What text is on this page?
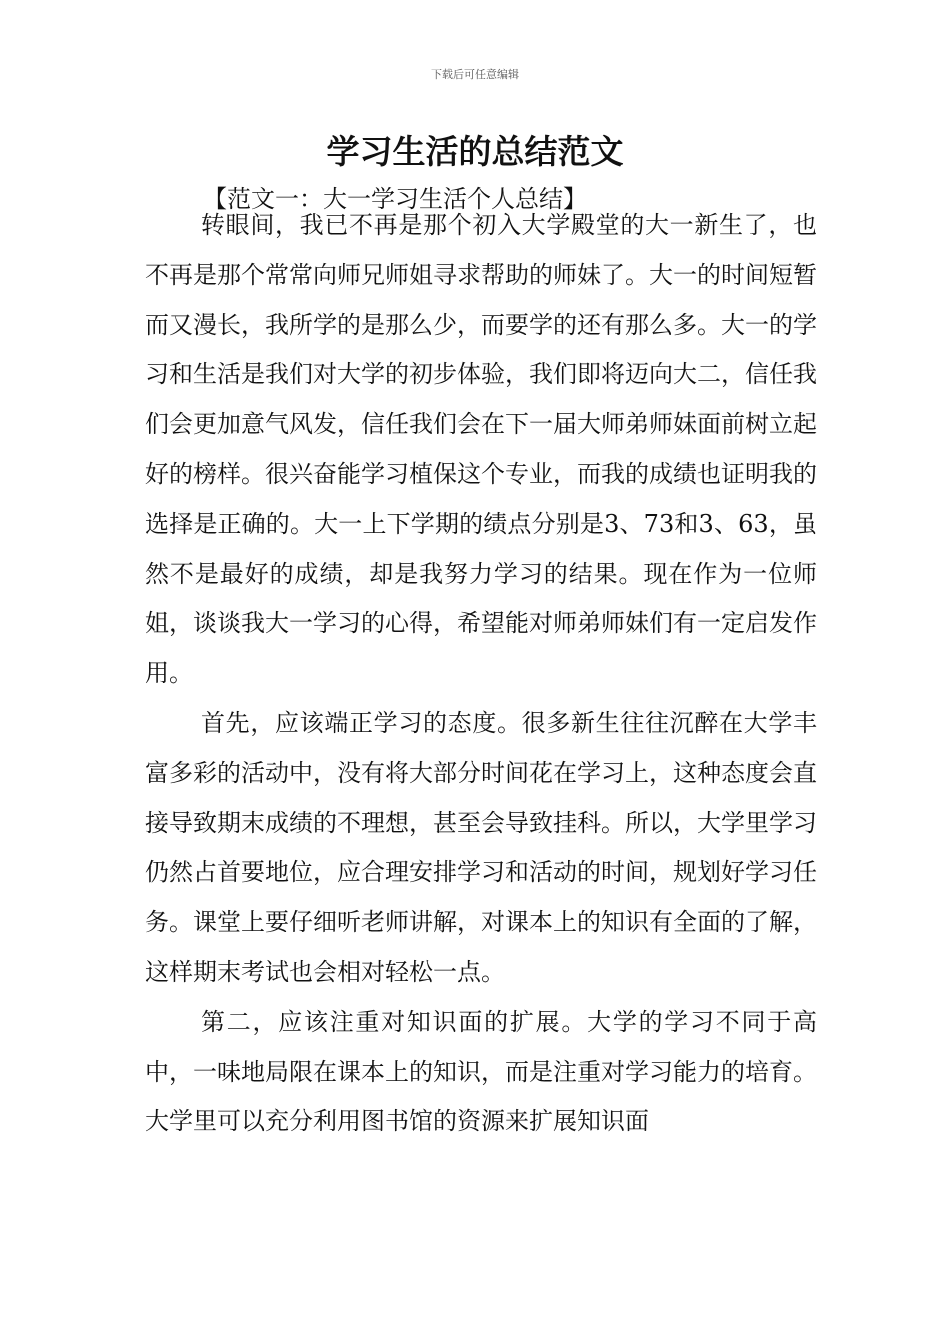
下载后可任意编辑
学习生活的总结范文
【范文一：大一学习生活个人总结】

转眼间，我已不再是那个初入大学殿堂的大一新生了，也不再是那个常常向师兄师姐寻求帮助的师妹了。大一的时间短暂而又漫长，我所学的是那么少，而要学的还有那么多。大一的学习和生活是我们对大学的初步体验，我们即将迈向大二，信任我们会更加意气风发，信任我们会在下一届大师弟师妹面前树立起好的榜样。很兴奋能学习植保这个专业，而我的成绩也证明我的选择是正确的。大一上下学期的绩点分别是3、73和3、63，虽然不是最好的成绩，却是我努力学习的结果。现在作为一位师姐，谈谈我大一学习的心得，希望能对师弟师妹们有一定启发作用。

首先，应该端正学习的态度。很多新生往往沉醉在大学丰富多彩的活动中，没有将大部分时间花在学习上，这种态度会直接导致期末成绩的不理想，甚至会导致挂科。所以，大学里学习仍然占首要地位，应合理安排学习和活动的时间，规划好学习任务。课堂上要仔细听老师讲解，对课本上的知识有全面的了解，这样期末考试也会相对轻松一点。

第二，应该注重对知识面的扩展。大学的学习不同于高中，一味地局限在课本上的知识，而是注重对学习能力的培育。大学里可以充分利用图书馆的资源来扩展知识面
